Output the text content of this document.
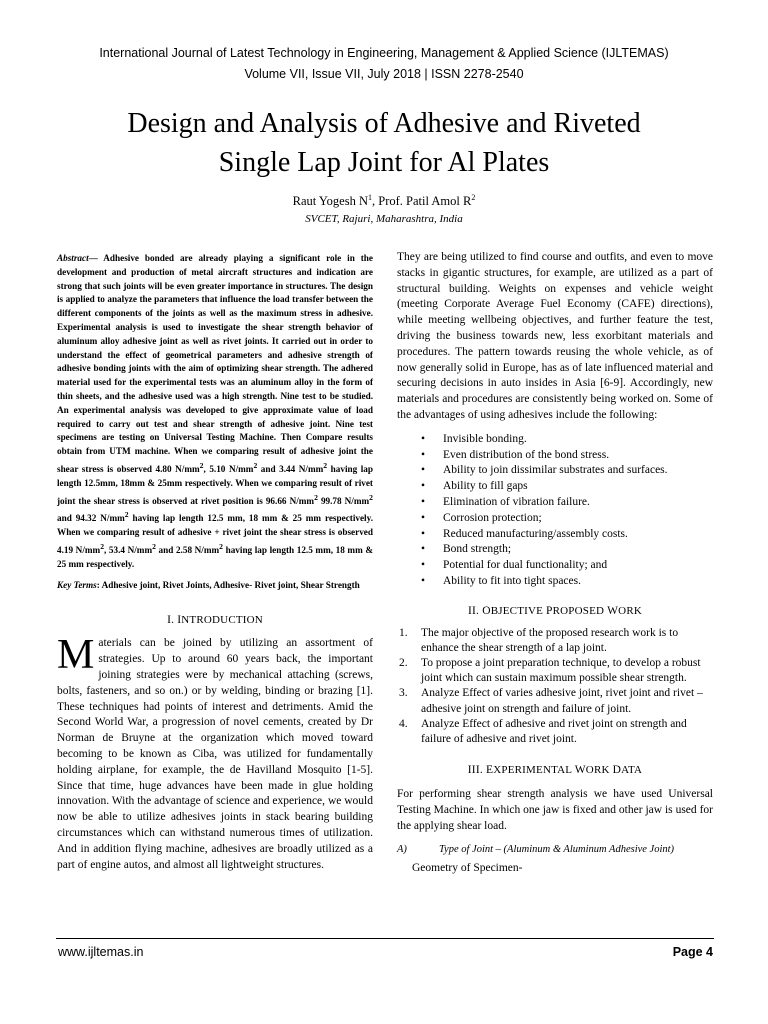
International Journal of Latest Technology in Engineering, Management & Applied Science (IJLTEMAS)
Volume VII, Issue VII, July 2018 | ISSN 2278-2540
Design and Analysis of Adhesive and Riveted
Single Lap Joint for Al Plates
Raut Yogesh $N^1$, Prof. Patil Amol $R^2$
SVCET, Rajuri, Maharashtra, India

Abstract— Adhesive bonded are already playing a significant role in the development and production of metal aircraft structures and indication are strong that such joints will be even greater importance in structures. The design is applied to analyze the parameters that influence the load transfer between the different components of the joints as well as the maximum stress in adhesive. Experimental analysis is used to investigate the shear strength behavior of aluminum alloy adhesive joint as well as rivet joints. It carried out in order to understand the effect of geometrical parameters and adhesive strength of adhesive bonding joints with the aim of optimizing shear strength. The adhered material used for the experimental tests was an aluminum alloy in the form of thin sheets, and the adhesive used was a high strength. Nine test to be studied. An experimental analysis was developed to give approximate value of load required to carry out test and shear strength of adhesive joint. Nine test specimens are testing on Universal Testing Machine. Then Compare results obtain from UTM machine. When we comparing result of adhesive joint the shear stress is observed 4.80 $N/mm^2$, 5.10 $N/mm^2$ and 3.44 $N/mm^2$ having lap length 12.5mm, 18mm & 25mm respectively. When we comparing result of rivet joint the shear stress is observed at rivet position is 96.66 $N/mm^2$ 99.78 $N/mm^2$ and 94.32 $N/mm^2$ having lap length 12.5 mm, 18 mm & 25 mm respectively. When we comparing result of adhesive + rivet joint the shear stress is observed 4.19 $N/mm^2$, 53.4 $N/mm^2$ and 2.58 $N/mm^2$ having lap length 12.5 mm, 18 mm & 25 mm respectively.

Key Terms: Adhesive joint, Rivet Joints, Adhesive- Rivet joint, Shear Strength

I. INTRODUCTION

Materials can be joined by utilizing an assortment of strategies. Up to around 60 years back, the important joining strategies were by mechanical attaching (screws, bolts, fasteners, and so on.) or by welding, binding or brazing [1]. These techniques had points of interest and detriments. Amid the Second World War, a progression of novel cements, created by Dr Norman de Bruyne at the organization which moved toward becoming to be known as Ciba, was utilized for fundamentally holding airplane, for example, the de Havilland Mosquito [1-5]. Since that time, huge advances have been made in glue holding innovation. With the advantage of science and experience, we would now be able to utilize adhesives joints in stack bearing building circumstances which can withstand numerous times of utilization. And in addition flying machine, adhesives are broadly utilized as a part of engine autos, and almost all lightweight structures.

They are being utilized to find course and outfits, and even to move stacks in gigantic structures, for example, are utilized as a part of structural building. Weights on expenses and vehicle weight (meeting Corporate Average Fuel Economy (CAFE) directions), while meeting wellbeing objectives, and further feature the test, driving the business towards new, less exorbitant materials and procedures. The pattern towards reusing the whole vehicle, as of now generally solid in Europe, has as of late influenced material and securing decisions in auto insides in Asia [6-9]. Accordingly, new materials and procedures are consistently being worked on. Some of the advantages of using adhesives include the following:

• Invisible bonding.
• Even distribution of the bond stress.
• Ability to join dissimilar substrates and surfaces.
• Ability to fill gaps
• Elimination of vibration failure.
• Corrosion protection;
• Reduced manufacturing/assembly costs.
• Bond strength;
• Potential for dual functionality; and
• Ability to fit into tight spaces.

II. OBJECTIVE PROPOSED WORK

1.	The major objective of the proposed research work is to enhance the shear strength of a lap joint.
2.	To propose a joint preparation technique, to develop a robust joint which can sustain maximum possible shear strength.
3.	Analyze Effect of varies adhesive joint, rivet joint and rivet –adhesive joint on strength and failure of joint.
4.	Analyze Effect of adhesive and rivet joint on strength and failure of adhesive and rivet joint.

III. EXPERIMENTAL WORK DATA

For performing shear strength analysis we have used Universal Testing Machine. In which one jaw is fixed and other jaw is used for the applying shear load.

A)	Type of Joint – (Aluminum & Aluminum Adhesive Joint)

Geometry of Specimen-

www.ijltemas.in	Page 4
